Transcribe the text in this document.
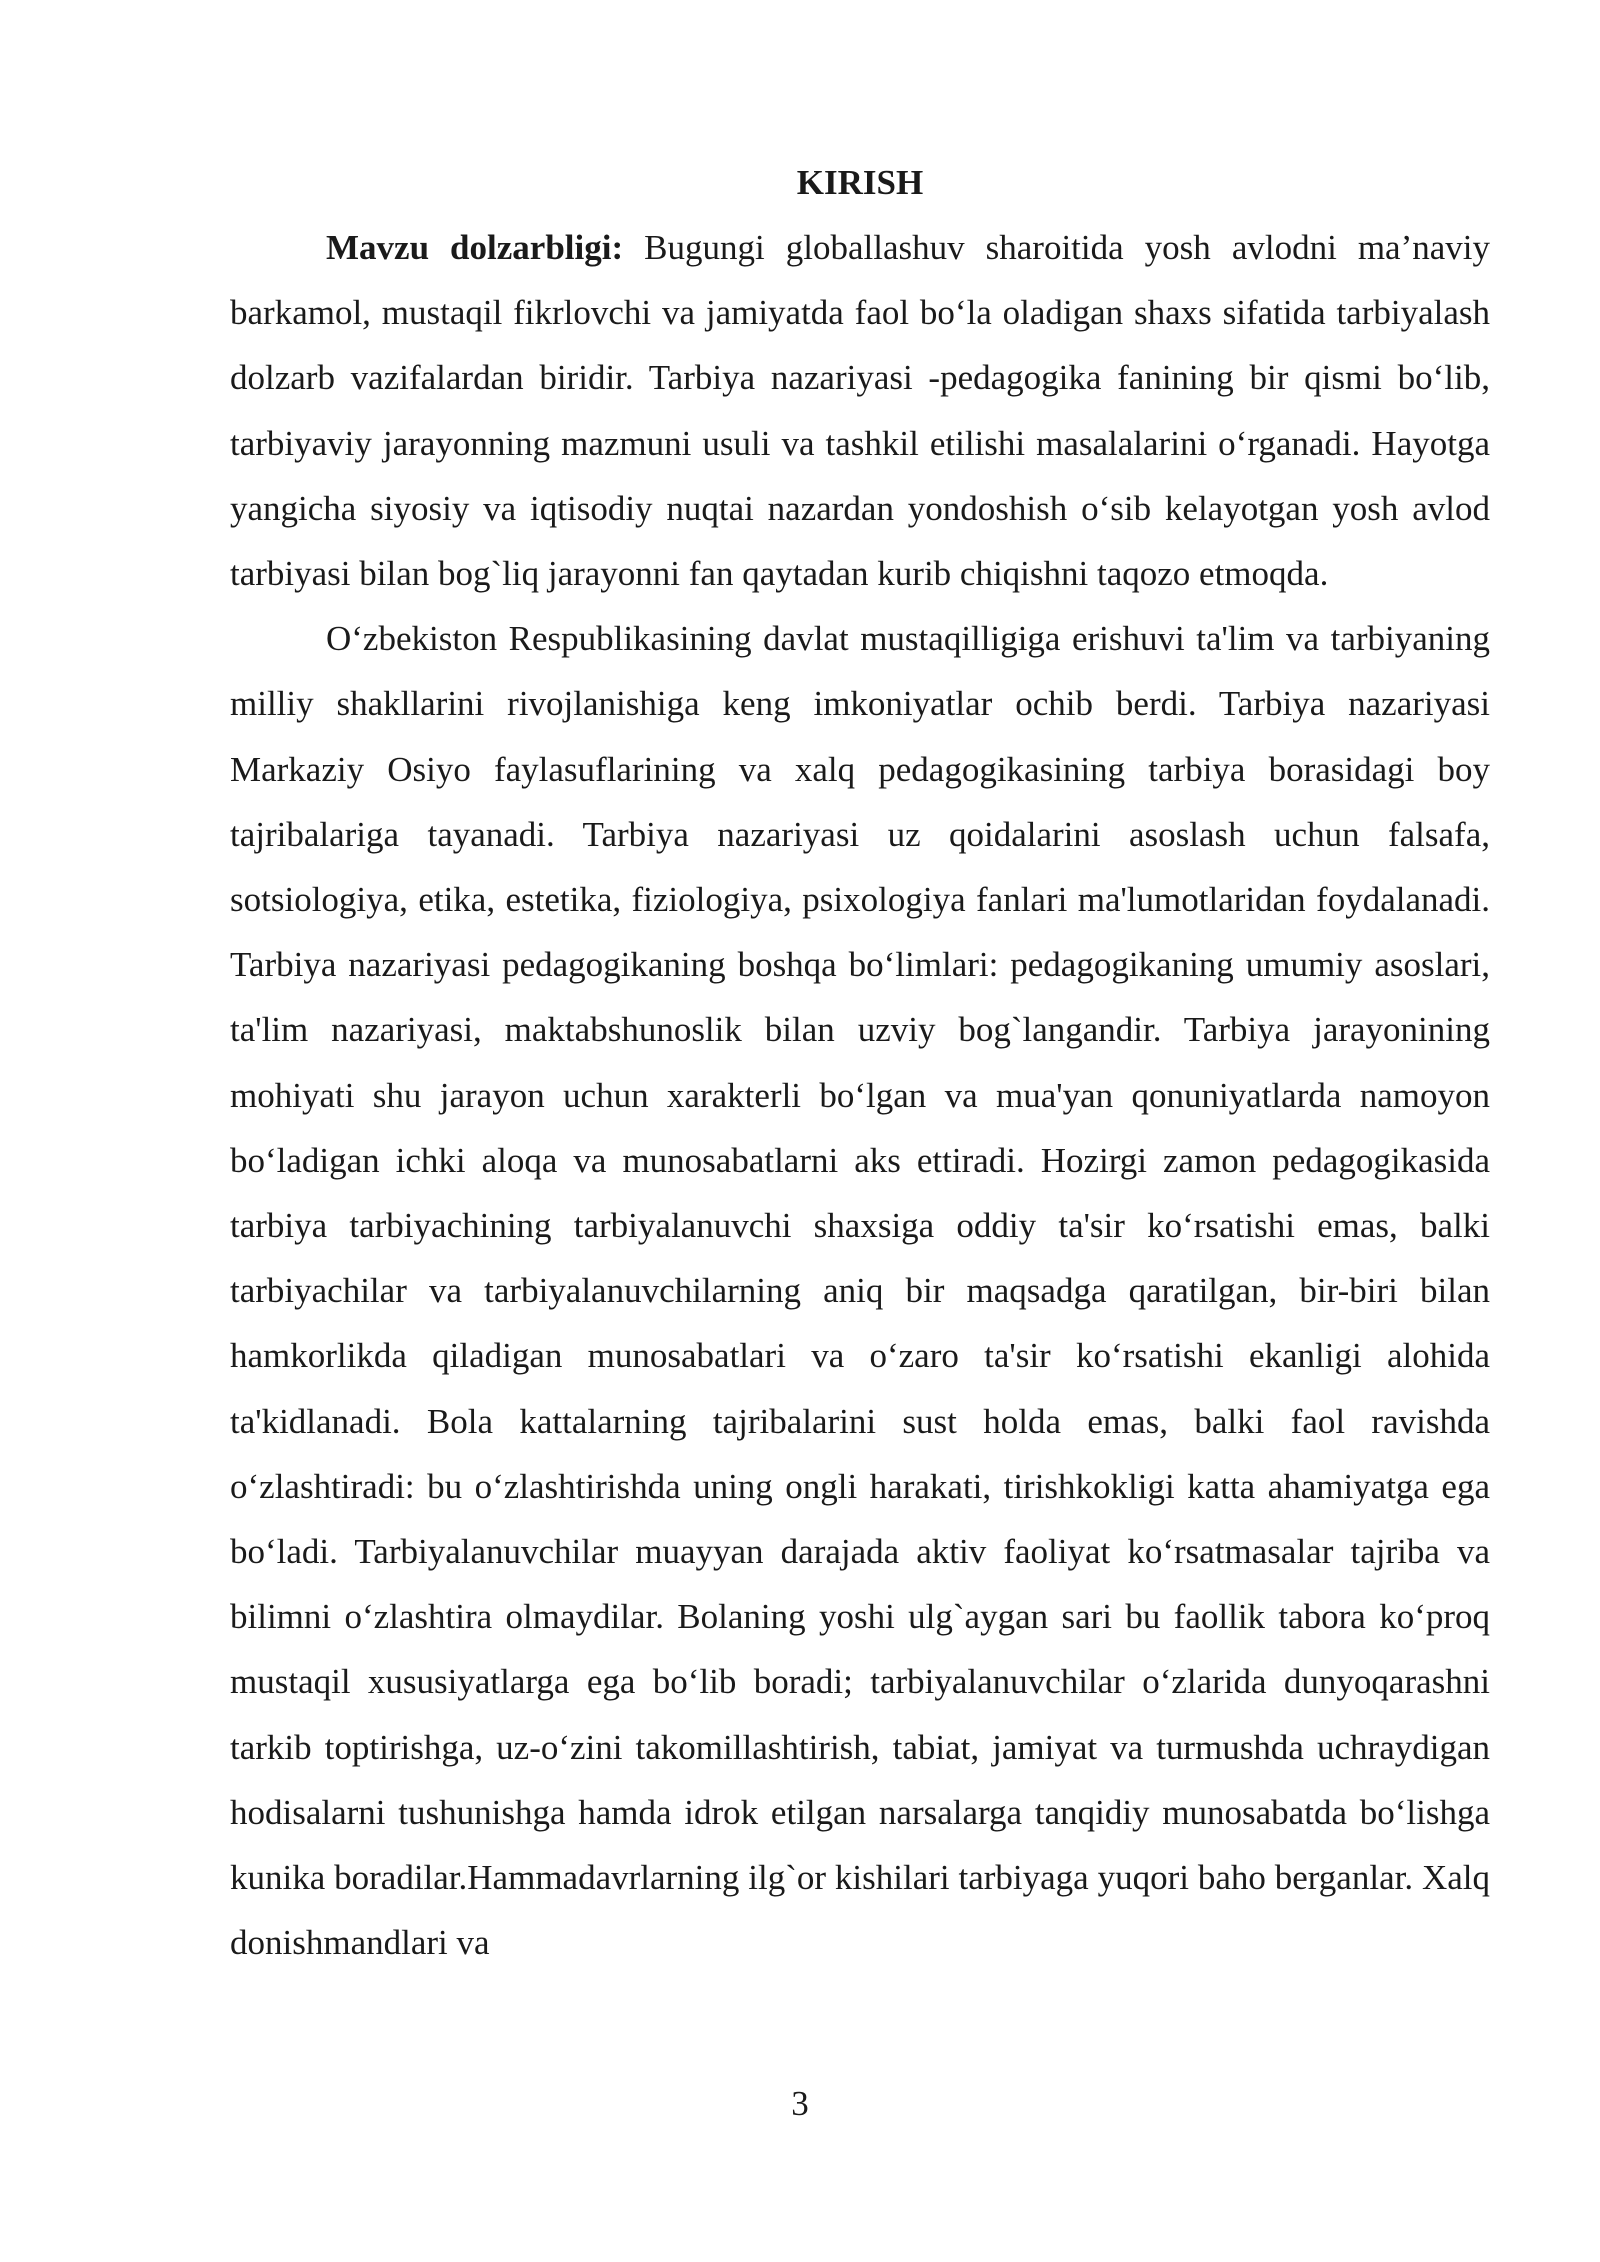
KIRISH

Mavzu dolzarbligi: Bugungi globallashuv sharoitida yosh avlodni ma’naviy barkamol, mustaqil fikrlovchi va jamiyatda faol boʻla oladigan shaxs sifatida tarbiyalash dolzarb vazifalardan biridir. Tarbiya nazariyasi -pedagogika fanining bir qismi boʻlib, tarbiyaviy jarayonning mazmuni usuli va tashkil etilishi masalalarini oʻrganadi. Hayotga yangicha siyosiy va iqtisodiy nuqtai nazardan yondoshish oʻsib kelayotgan yosh avlod tarbiyasi bilan bog`liq jarayonni fan qaytadan kurib chiqishni taqozo etmoqda.

Oʻzbekiston Respublikasining davlat mustaqilligiga erishuvi ta'lim va tarbiyaning milliy shakllarini rivojlanishiga keng imkoniyatlar ochib berdi. Tarbiya nazariyasi Markaziy Osiyo faylasuflarining va xalq pedagogikasining tarbiya borasidagi boy tajribalariga tayanadi. Tarbiya nazariyasi uz qoidalarini asoslash uchun falsafa, sotsiologiya, etika, estetika, fiziologiya, psixologiya fanlari ma'lumotlaridan foydalanadi. Tarbiya nazariyasi pedagogikaning boshqa boʻlimlari: pedagogikaning umumiy asoslari, ta'lim nazariyasi, maktabshunoslik bilan uzviy bog`langandir. Tarbiya jarayonining mohiyati shu jarayon uchun xarakterli boʻlgan va mua'yan qonuniyatlarda namoyon boʻladigan ichki aloqa va munosabatlarni aks ettiradi. Hozirgi zamon pedagogikasida tarbiya tarbiyachining tarbiyalanuvchi shaxsiga oddiy ta'sir koʻrsatishi emas, balki tarbiyachilar va tarbiyalanuvchilarning aniq bir maqsadga qaratilgan, bir-biri bilan hamkorlikda qiladigan munosabatlari va oʻzaro ta'sir koʻrsatishi ekanligi alohida ta'kidlanadi. Bola kattalarning tajribalarini sust holda emas, balki faol ravishda oʻzlashtiradi: bu oʻzlashtirishda uning ongli harakati, tirishkokligi katta ahamiyatga ega boʻladi. Tarbiyalanuvchilar muayyan darajada aktiv faoliyat koʻrsatmasalar tajriba va bilimni oʻzlashtira olmaydilar. Bolaning yoshi ulg`aygan sari bu faollik tabora koʻproq mustaqil xususiyatlarga ega boʻlib boradi; tarbiyalanuvchilar oʻzlarida dunyoqarashni tarkib toptirishga, uz-oʻzini takomillashtirish, tabiat, jamiyat va turmushda uchraydigan hodisalarni tushunishga hamda idrok etilgan narsalarga tanqidiy munosabatda boʻlishga kunika boradilar.Hammadavrlarning ilg`or kishilari tarbiyaga yuqori baho berganlar. Xalq donishmandlari va

3
